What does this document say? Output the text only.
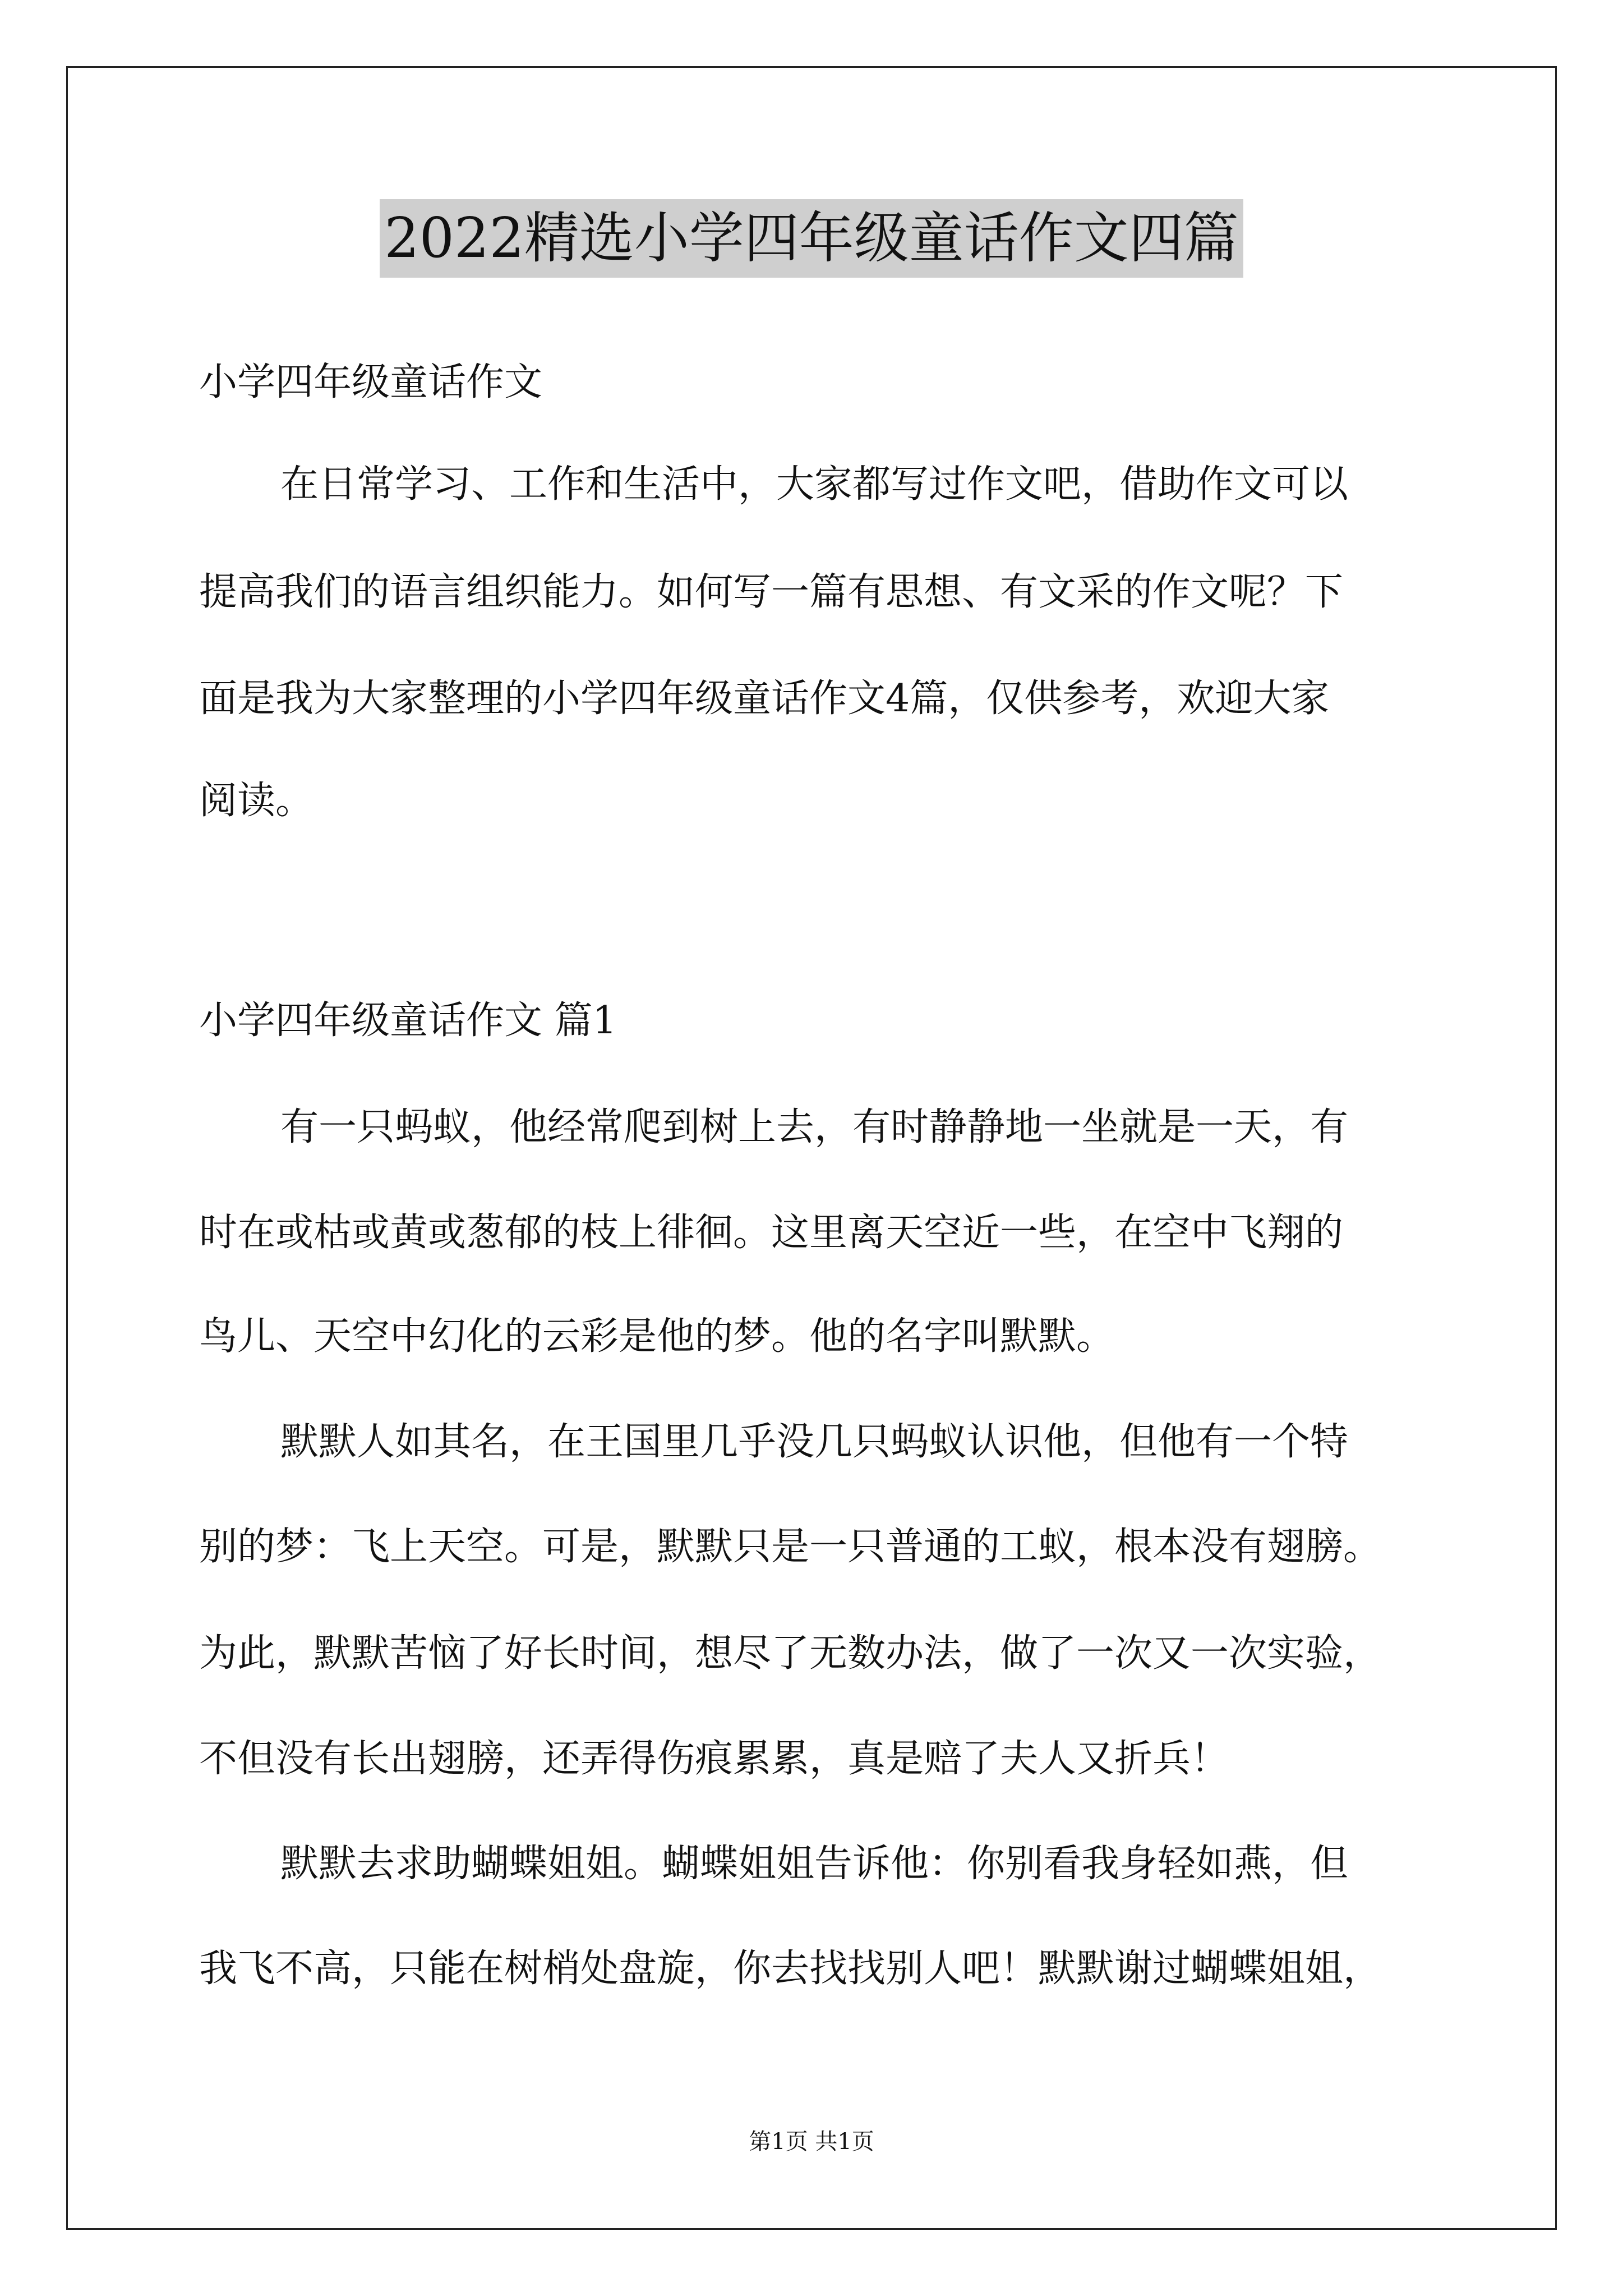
2022精选小学四年级童话作文四篇
小学四年级童话作文
在日常学习、工作和生活中，大家都写过作文吧，借助作文可以
提高我们的语言组织能力。如何写一篇有思想、有文采的作文呢？下
面是我为大家整理的小学四年级童话作文4篇，仅供参考，欢迎大家
阅读。
小学四年级童话作文 篇1
有一只蚂蚁，他经常爬到树上去，有时静静地一坐就是一天，有
时在或枯或黄或葱郁的枝上徘徊。这里离天空近一些，在空中飞翔的
鸟儿、天空中幻化的云彩是他的梦。他的名字叫默默。
默默人如其名，在王国里几乎没几只蚂蚁认识他，但他有一个特
别的梦：飞上天空。可是，默默只是一只普通的工蚁，根本没有翅膀。
为此，默默苦恼了好长时间，想尽了无数办法，做了一次又一次实验，
不但没有长出翅膀，还弄得伤痕累累，真是赔了夫人又折兵！
默默去求助蝴蝶姐姐。蝴蝶姐姐告诉他：你别看我身轻如燕，但
我飞不高，只能在树梢处盘旋，你去找找别人吧！默默谢过蝴蝶姐姐，
第1页 共1页
